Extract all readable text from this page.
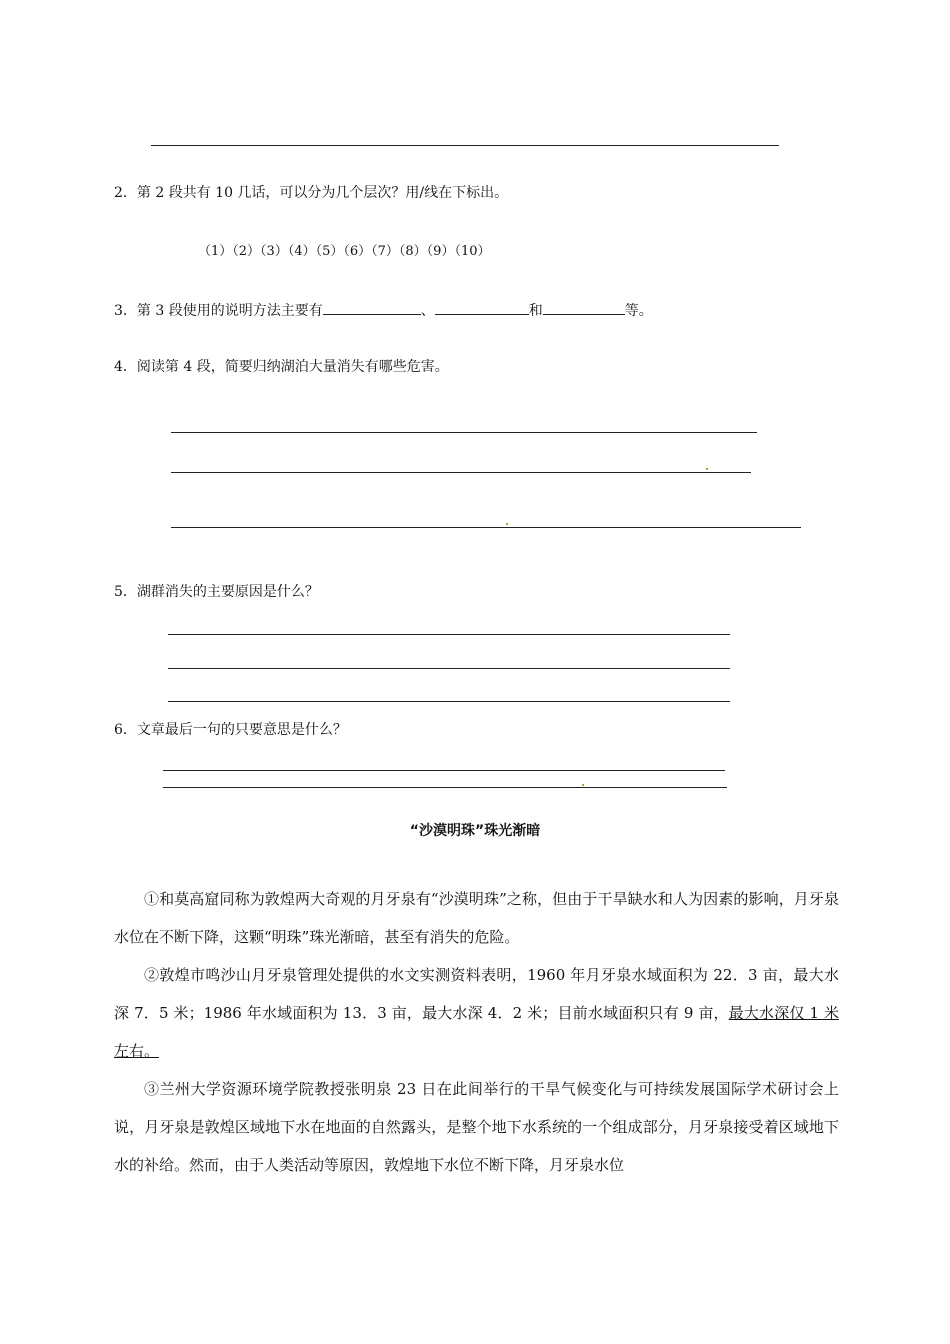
2．第 2 段共有 10 几话，可以分为几个层次？用/线在下标出。
（1）（2）（3）（4）（5）（6）（7）（8）（9）（10）
3．第 3 段使用的说明方法主要有	、	和	等。
4．阅读第 4 段，简要归纳湖泊大量消失有哪些危害。
5．湖群消失的主要原因是什么？
6．文章最后一句的只要意思是什么？
“沙漠明珠”珠光渐暗
①和莫高窟同称为敦煌两大奇观的月牙泉有“沙漠明珠”之称，但由于干旱缺水和人为因素的影响，月牙泉水位在不断下降，这颗“明珠”珠光渐暗，甚至有消失的危险。
②敦煌市鸣沙山月牙泉管理处提供的水文实测资料表明，1960 年月牙泉水域面积为 22．3 亩，最大水深 7．5 米；1986 年水域面积为 13．3 亩，最大水深 4．2 米；目前水域面积只有 9 亩，最大水深仅 1 米左右。
③兰州大学资源环境学院教授张明泉 23 日在此间举行的干旱气候变化与可持续发展国际学术研讨会上说，月牙泉是敦煌区域地下水在地面的自然露头，是整个地下水系统的一个组成部分，月牙泉接受着区域地下水的补给。然而，由于人类活动等原因，敦煌地下水位不断下降，月牙泉水位
